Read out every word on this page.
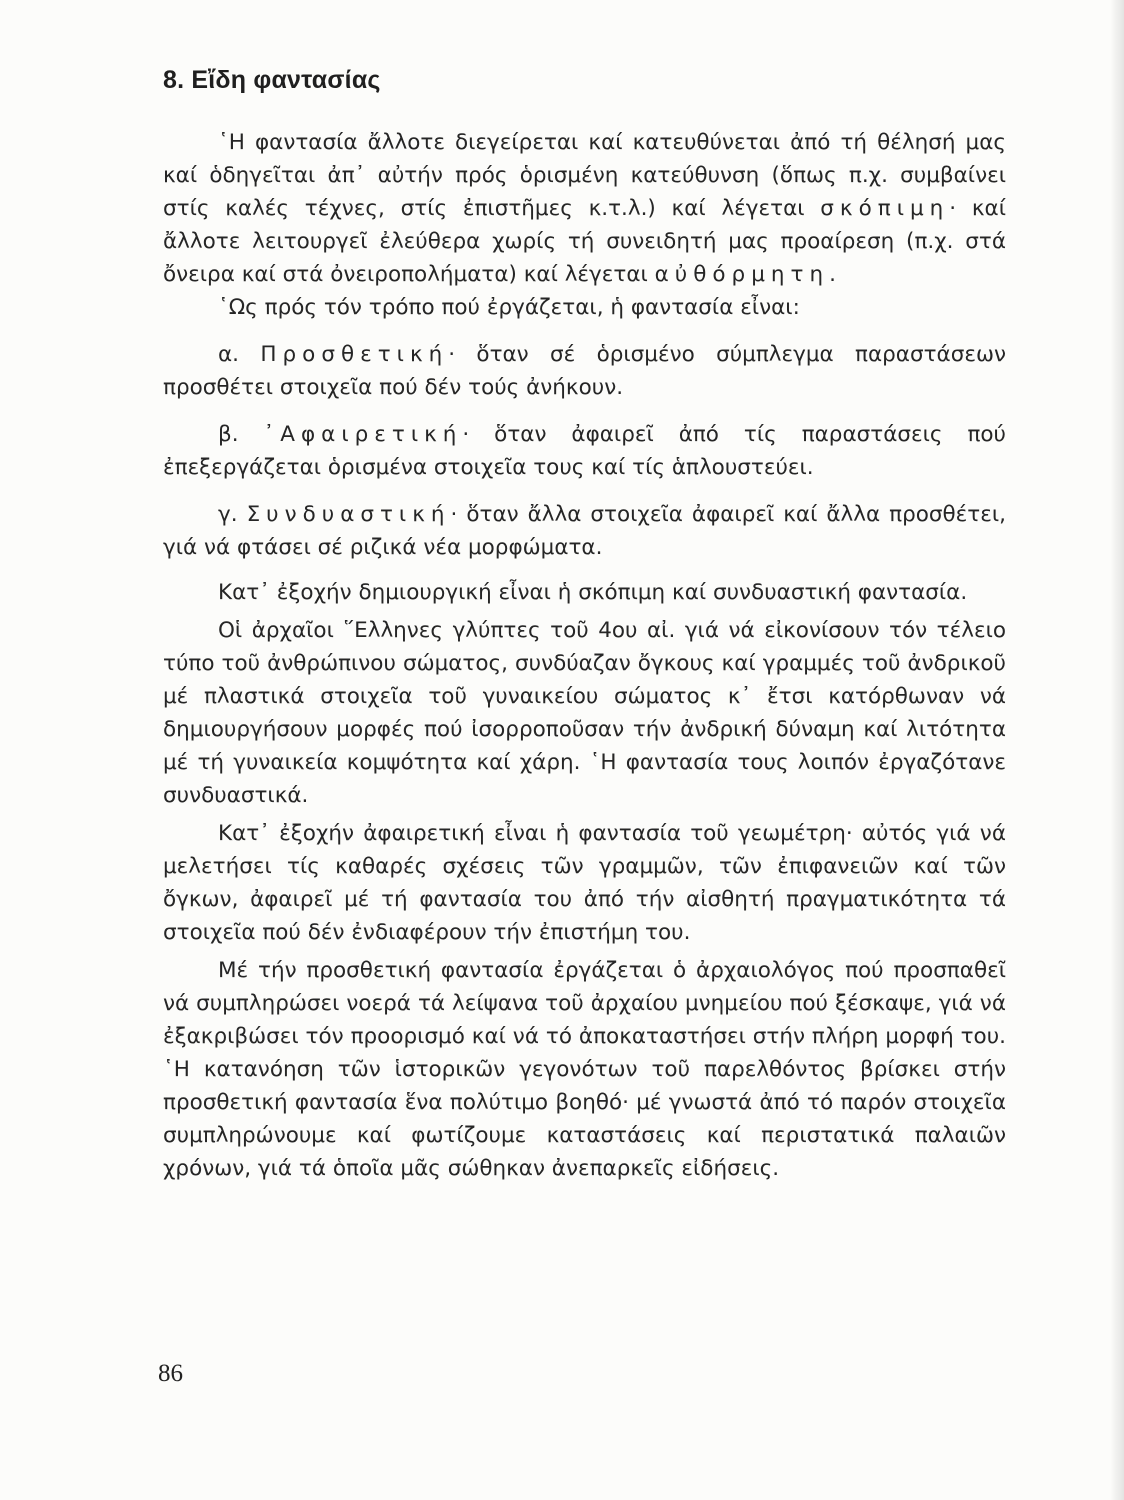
8. Εἴδη φαντασίας

῾Η φαντασία ἄλλοτε διεγείρεται καί κατευθύνεται ἀπό τή θέλησή μας καί ὁδηγεῖται ἀπ᾿ αὐτήν πρός ὁρισμένη κατεύθυνση (ὅπως π.χ. συμβαίνει στίς καλές τέχνες, στίς ἐπιστῆμες κ.τ.λ.) καί λέγεται σκόπιμη· καί ἄλλοτε λειτουργεῖ ἐλεύθερα χωρίς τή συνειδητή μας προαίρεση (π.χ. στά ὄνειρα καί στά ὀνειροπολήματα) καί λέγεται αὐθόρμητη.

῾Ως πρός τόν τρόπο πού ἐργάζεται, ἡ φαντασία εἶναι:

α. Προσθετική· ὅταν σέ ὁρισμένο σύμπλεγμα παραστάσεων προσθέτει στοιχεῖα πού δέν τούς ἀνήκουν.

β. ᾿Αφαιρετική· ὅταν ἀφαιρεῖ ἀπό τίς παραστάσεις πού ἐπεξεργάζεται ὁρισμένα στοιχεῖα τους καί τίς ἁπλουστεύει.

γ. Συνδυαστική· ὅταν ἄλλα στοιχεῖα ἀφαιρεῖ καί ἄλλα προσθέτει, γιά νά φτάσει σέ ριζικά νέα μορφώματα.

Κατ᾿ ἐξοχήν δημιουργική εἶναι ἡ σκόπιμη καί συνδυαστική φαντασία.

Οἱ ἀρχαῖοι ῞Ελληνες γλύπτες τοῦ 4ου αἰ. γιά νά εἰκονίσουν τόν τέλειο τύπο τοῦ ἀνθρώπινου σώματος, συνδύαζαν ὄγκους καί γραμμές τοῦ ἀνδρικοῦ μέ πλαστικά στοιχεῖα τοῦ γυναικείου σώματος κ᾿ ἔτσι κατόρθωναν νά δημιουργήσουν μορφές πού ἰσορροποῦσαν τήν ἀνδρική δύναμη καί λιτότητα μέ τή γυναικεία κομψότητα καί χάρη. ῾Η φαντασία τους λοιπόν ἐργαζότανε συνδυαστικά.

Κατ᾿ ἐξοχήν ἀφαιρετική εἶναι ἡ φαντασία τοῦ γεωμέτρη· αὐτός γιά νά μελετήσει τίς καθαρές σχέσεις τῶν γραμμῶν, τῶν ἐπιφανειῶν καί τῶν ὄγκων, ἀφαιρεῖ μέ τή φαντασία του ἀπό τήν αἰσθητή πραγματικότητα τά στοιχεῖα πού δέν ἐνδιαφέρουν τήν ἐπιστήμη του.

Μέ τήν προσθετική φαντασία ἐργάζεται ὁ ἀρχαιολόγος πού προσπαθεῖ νά συμπληρώσει νοερά τά λείψανα τοῦ ἀρχαίου μνημείου πού ξέσκαψε, γιά νά ἐξακριβώσει τόν προορισμό καί νά τό ἀποκαταστήσει στήν πλήρη μορφή του. ῾Η κατανόηση τῶν ἱστορικῶν γεγονότων τοῦ παρελθόντος βρίσκει στήν προσθετική φαντασία ἕνα πολύτιμο βοηθό· μέ γνωστά ἀπό τό παρόν στοιχεῖα συμπληρώνουμε καί φωτίζουμε καταστάσεις καί περιστατικά παλαιῶν χρόνων, γιά τά ὁποῖα μᾶς σώθηκαν ἀνεπαρκεῖς εἰδήσεις.

86
